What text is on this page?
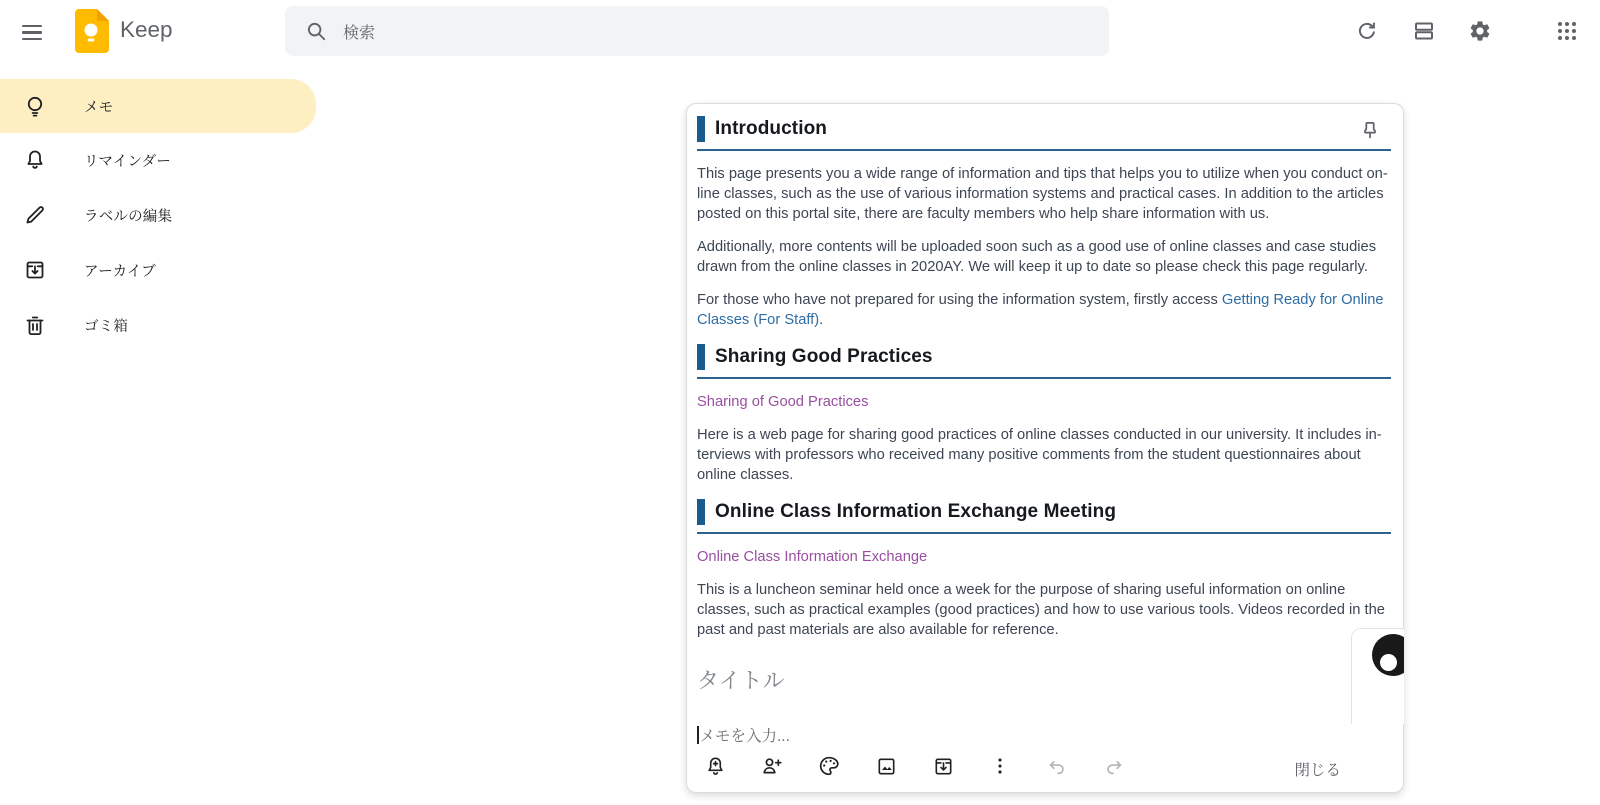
Keep	検索
メモ
リマインダー
ラベルの編集
アーカイブ
ゴミ箱
Introduction

This page presents you a wide range of information and tips that helps you to utilize when you conduct on-line classes, such as the use of various information systems and practical cases. In addition to the articles posted on this portal site, there are faculty members who help share information with us.

Additionally, more contents will be uploaded soon such as a good use of online classes and case studies drawn from the online classes in 2020AY. We will keep it up to date so please check this page regularly.

For those who have not prepared for using the information system, firstly access Getting Ready for Online Classes (For Staff).

Sharing Good Practices

Sharing of Good Practices

Here is a web page for sharing good practices of online classes conducted in our university. It includes in-terviews with professors who received many positive comments from the student questionnaires about online classes.

Online Class Information Exchange Meeting

Online Class Information Exchange

This is a luncheon seminar held once a week for the purpose of sharing useful information on online classes, such as practical examples (good practices) and how to use various tools. Videos recorded in the past and past materials are also available for reference.

タイトル
メモを入力...
閉じる
